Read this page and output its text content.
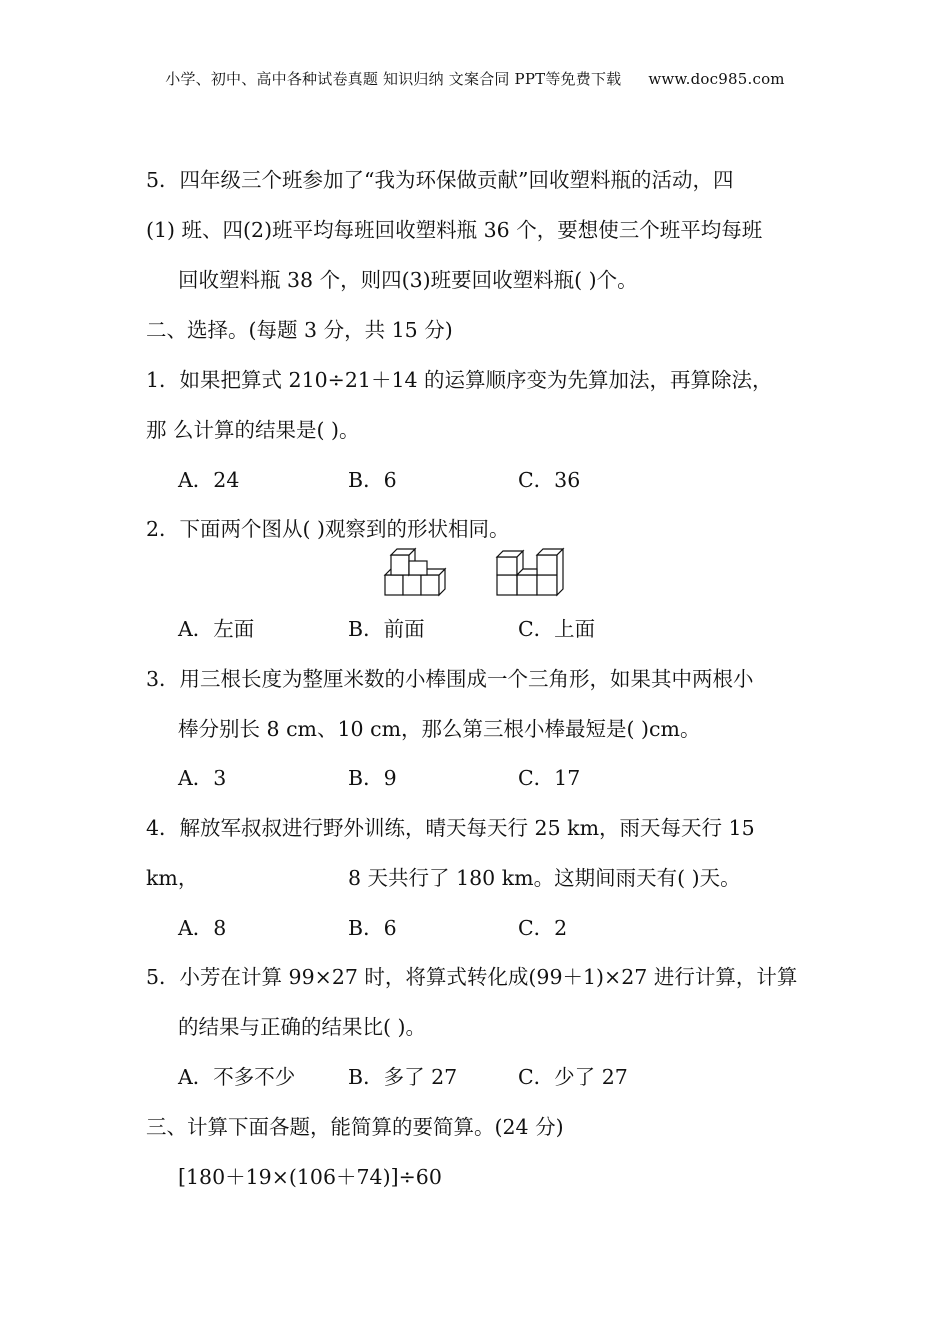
小学、初中、高中各种试卷真题 知识归纳 文案合同 PPT等免费下载 www.doc985.com
5．四年级三个班参加了“我为环保做贡献”回收塑料瓶的活动，四
(1) 班、四(2)班平均每班回收塑料瓶 36 个，要想使三个班平均每班
回收塑料瓶 38 个，则四(3)班要回收塑料瓶( )个。
二、选择。(每题 3 分，共 15 分)
1．如果把算式 210÷21＋14 的运算顺序变为先算加法，再算除法，
那 么计算的结果是( )。
A．24	B．6	C．36
2．下面两个图从( )观察到的形状相同。
A．左面	B．前面	C．上面
3．用三根长度为整厘米数的小棒围成一个三角形，如果其中两根小
棒分别长 8 cm、10 cm，那么第三根小棒最短是( )cm。
A．3	B．9	C．17
4．解放军叔叔进行野外训练，晴天每天行 25 km，雨天每天行 15
km，	8 天共行了 180 km。这期间雨天有( )天。
A．8	B．6	C．2
5．小芳在计算 99×27 时，将算式转化成(99＋1)×27 进行计算，计算
的结果与正确的结果比( )。
A．不多不少	B．多了 27	C．少了 27
三、计算下面各题，能简算的要简算。(24 分)
[180＋19×(106＋74)]÷60
